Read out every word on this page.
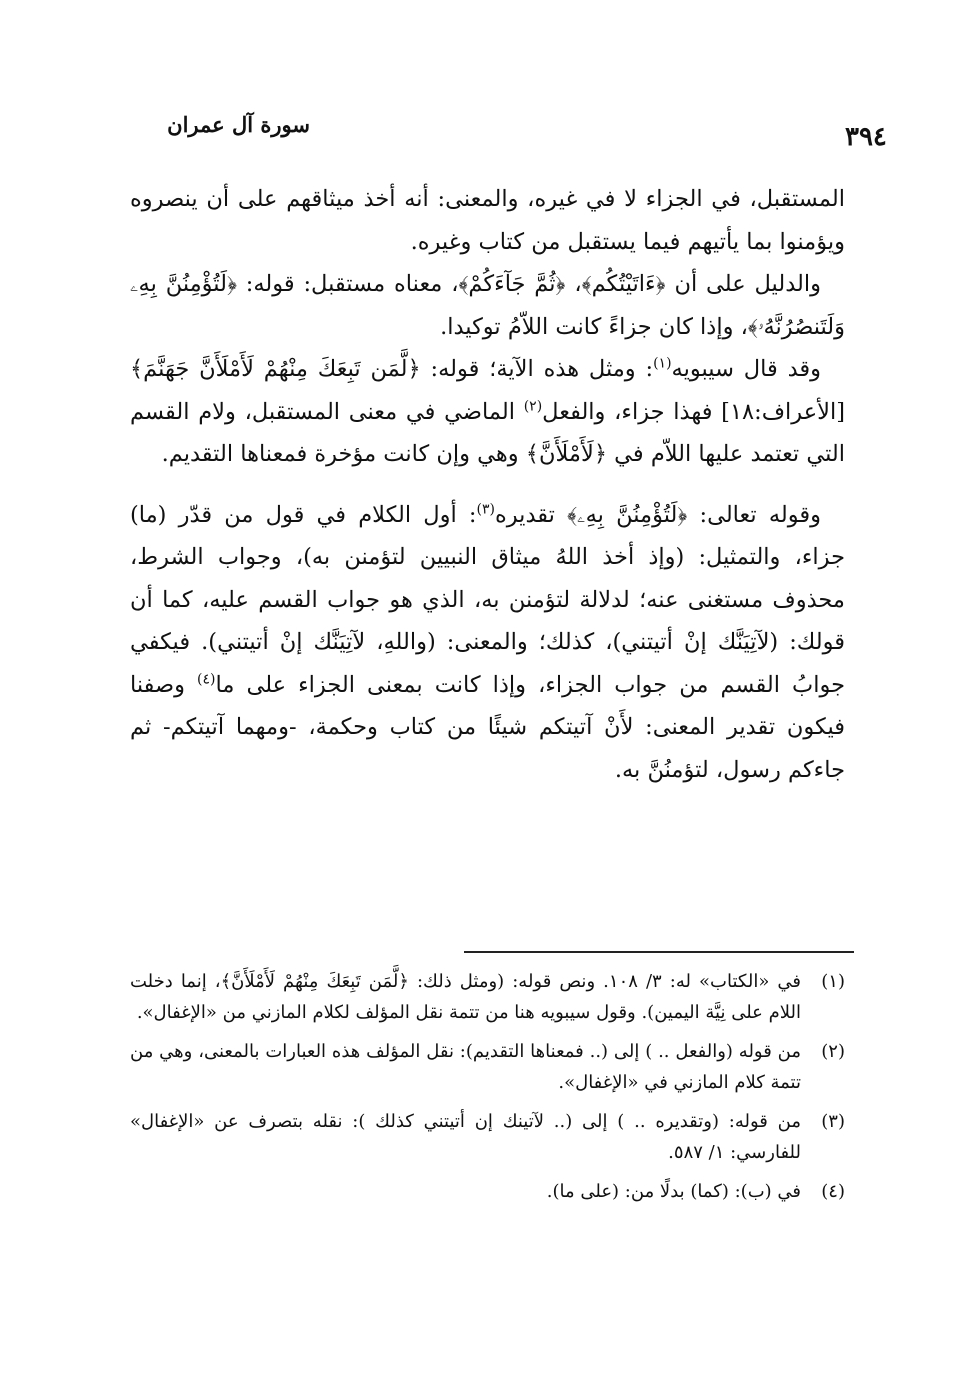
سورة آل عمران	٣٩٤

المستقبل، في الجزاء لا في غيره، والمعنى: أنه أخذ ميثاقهم على أن ينصروه ويؤمنوا بما يأتيهم فيما يستقبل من كتاب وغيره.

والدليل على أن ﴿ءَاتَيْتُكُم﴾، ﴿ثُمَّ جَآءَكُمْ﴾، معناه مستقبل: قوله: ﴿لَتُؤْمِنُنَّ بِهِۦ وَلَتَنصُرُنَّهُۥ﴾، وإذا كان جزاءً كانت اللاّمُ توكيدا.

وقد قال سيبويه$^{(١)}$: ومثل هذه الآية؛ قوله: ﴿لَّمَن تَبِعَكَ مِنْهُمْ لَأَمْلَأَنَّ جَهَنَّمَ﴾ [الأعراف:١٨] فهذا جزاء، والفعل$^{(٢)}$ الماضي في معنى المستقبل، ولام القسم التي تعتمد عليها اللاّم في ﴿لَأَمْلَأَنَّ﴾ وهي وإن كانت مؤخرة فمعناها التقديم.

وقوله تعالى: ﴿لَتُؤْمِنُنَّ بِهِۦ﴾ تقديره$^{(٣)}$: أول الكلام في قول من قدّر (ما) جزاء، والتمثيل: (وإذ أخذ اللهُ ميثاق النبيين لتؤمنن به)، وجواب الشرط، محذوف مستغنى عنه؛ لدلالة لتؤمنن به، الذي هو جواب القسم عليه، كما أن قولك: (لآتِيَنَّك إنْ أتيتني)، كذلك؛ والمعنى: (واللهِ، لآتِيَنَّك إنْ أتيتني). فيكفي جوابُ القسم من جواب الجزاء، وإذا كانت بمعنى الجزاء على ما$^{(٤)}$ وصفنا فيكون تقدير المعنى: لأَنْ آتيتكم شيئًا من كتاب وحكمة، -ومهما آتيتكم- ثم جاءكم رسول، لتؤمنُنَّ به.

(١)
في «الكتاب» له: ٣/ ١٠٨. ونص قوله: (ومثل ذلك: ﴿لَّمَن تَبِعَكَ مِنْهُمْ لَأَمْلَأَنَّ﴾، إنما دخلت اللام على نِيَّة اليمين). وقول سيبويه هنا من تتمة نقل المؤلف لكلام المازني من «الإغفال».
(٢)
من قوله (والفعل .. ) إلى (.. فمعناها التقديم): نقل المؤلف هذه العبارات بالمعنى، وهي من تتمة كلام المازني في «الإغفال».
(٣)
من قوله: (وتقديره .. ) إلى (.. لآتينك إن أتيتني كذلك ): نقله بتصرف عن «الإغفال» للفارسي: ١/ ٥٨٧.
(٤)
في (ب): (كما) بدلًا من: (على ما).
